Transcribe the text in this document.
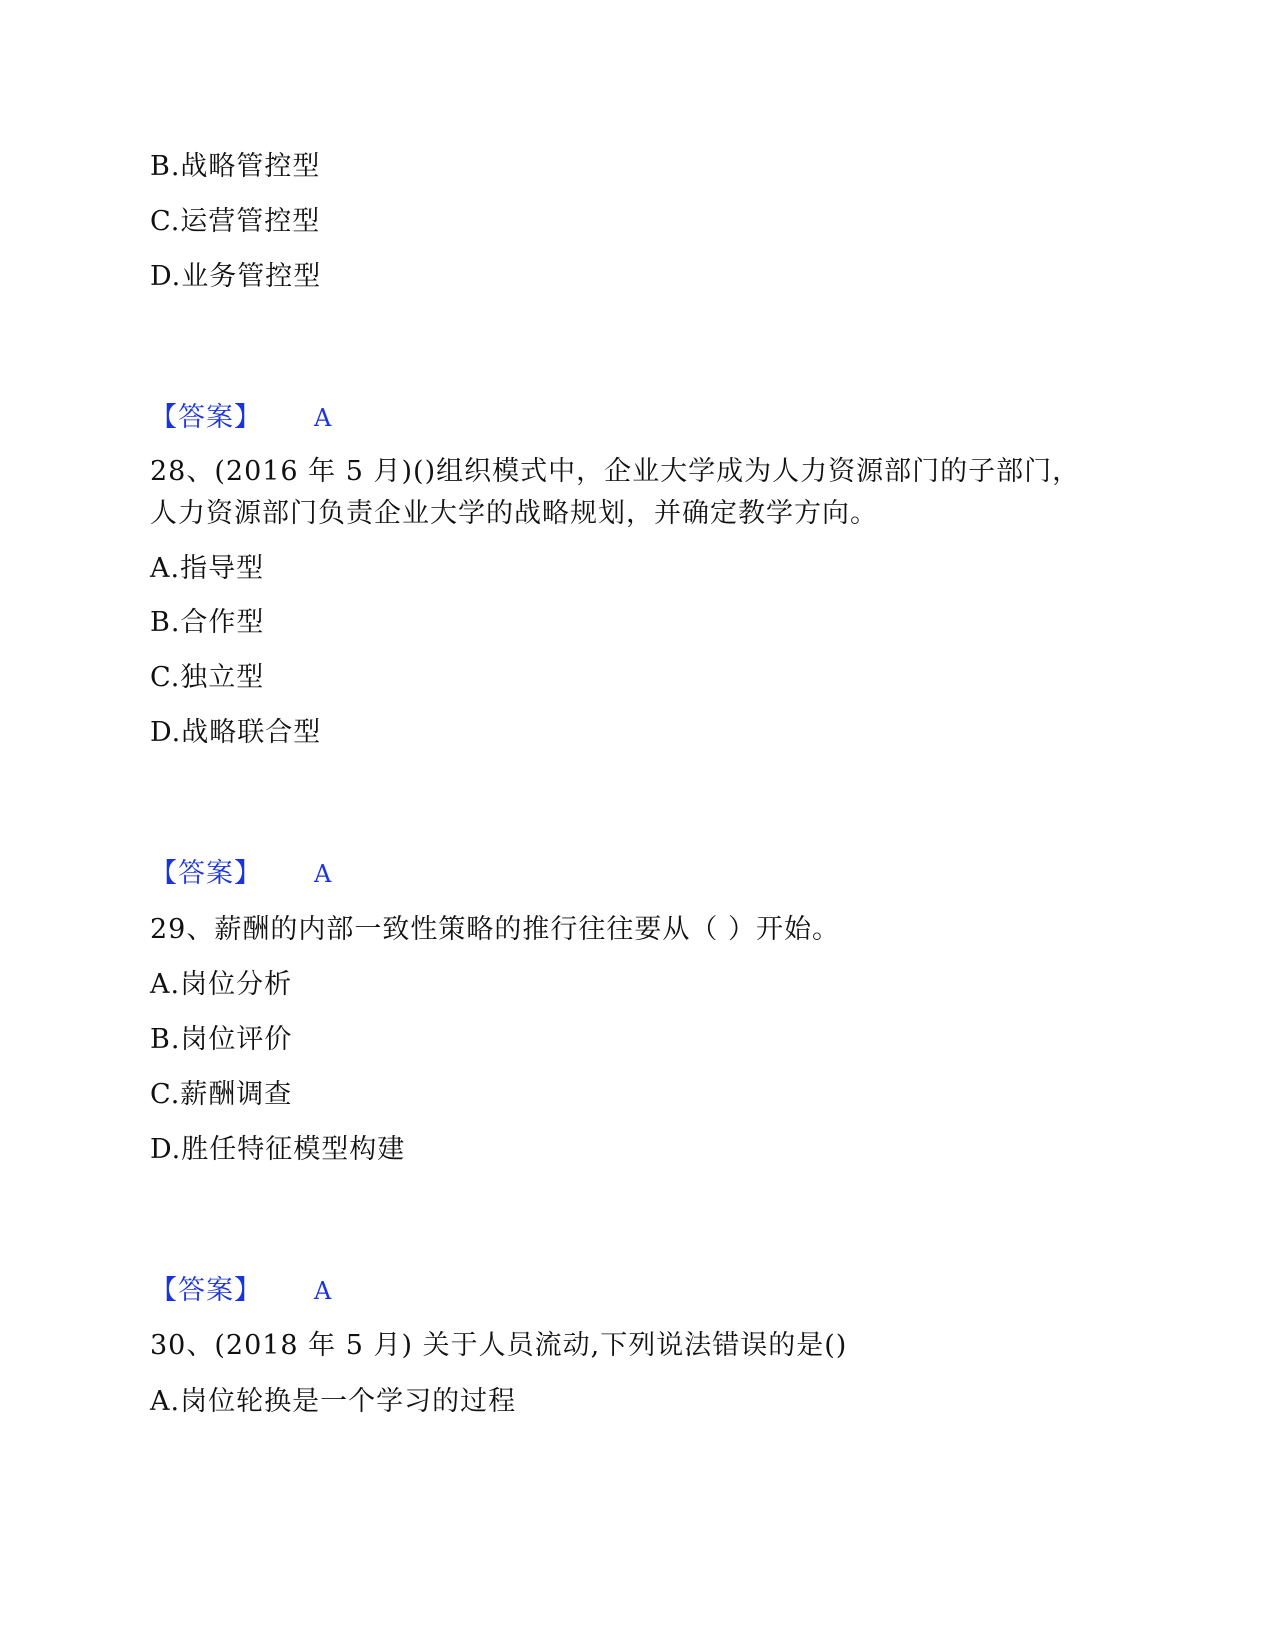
B.战略管控型
C.运营管控型
D.业务管控型
【答案】 A
28、(2016 年 5 月)()组织模式中，企业大学成为人力资源部门的子部门，
人力资源部门负责企业大学的战略规划，并确定教学方向。
A.指导型
B.合作型
C.独立型
D.战略联合型
【答案】 A
29、薪酬的内部一致性策略的推行往往要从（ ）开始。
A.岗位分析
B.岗位评价
C.薪酬调查
D.胜任特征模型构建
【答案】 A
30、(2018 年 5 月) 关于人员流动,下列说法错误的是()
A.岗位轮换是一个学习的过程
